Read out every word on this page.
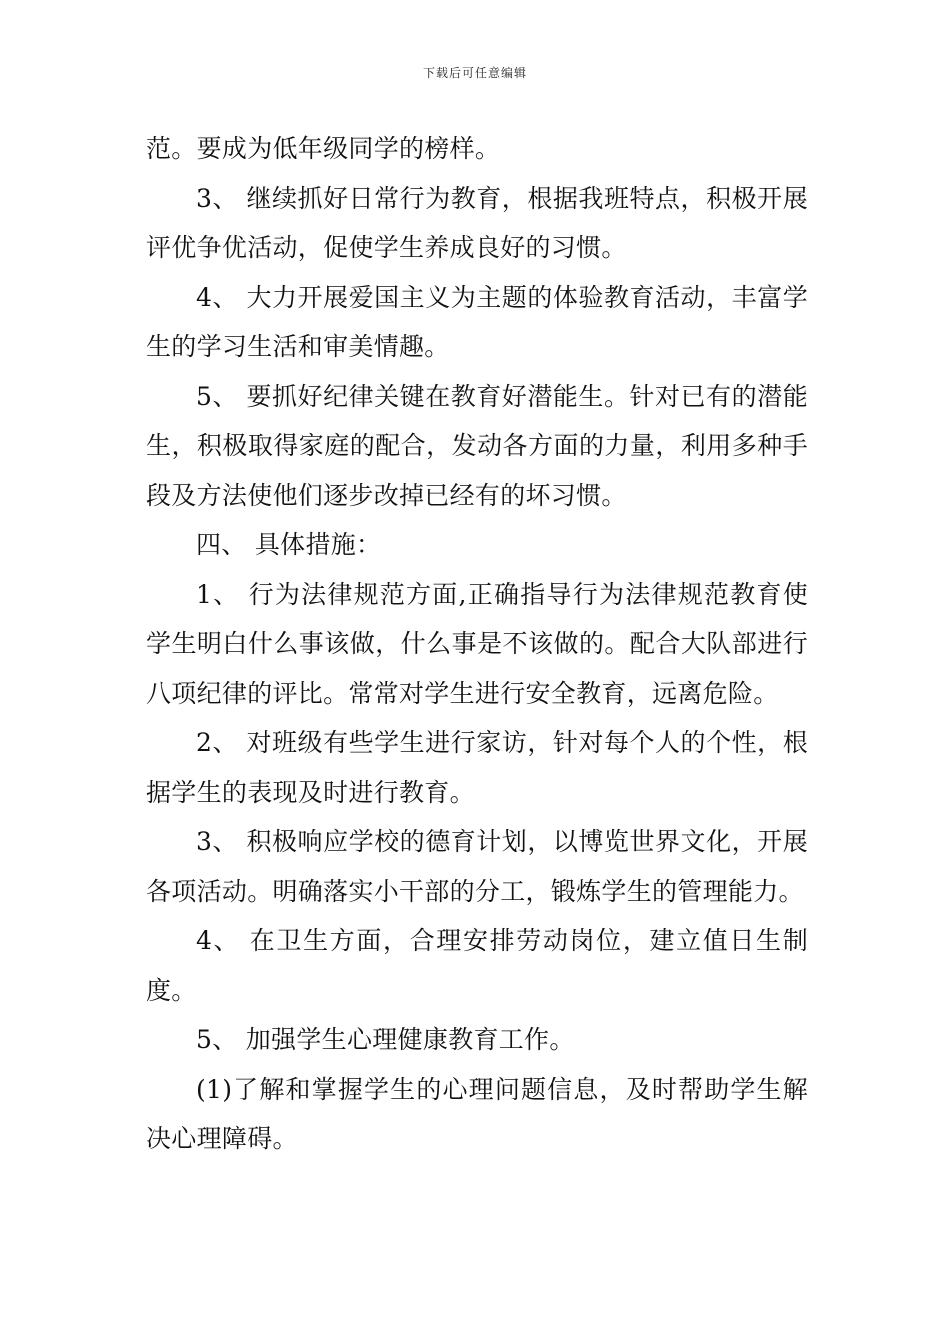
下载后可任意编辑

范。要成为低年级同学的榜样。

3、 继续抓好日常行为教育，根据我班特点，积极开展评优争优活动，促使学生养成良好的习惯。

4、 大力开展爱国主义为主题的体验教育活动，丰富学生的学习生活和审美情趣。

5、 要抓好纪律关键在教育好潜能生。针对已有的潜能生，积极取得家庭的配合，发动各方面的力量，利用多种手段及方法使他们逐步改掉已经有的坏习惯。

四、 具体措施：

1、 行为法律规范方面,正确指导行为法律规范教育使学生明白什么事该做，什么事是不该做的。配合大队部进行八项纪律的评比。常常对学生进行安全教育，远离危险。

2、 对班级有些学生进行家访，针对每个人的个性，根据学生的表现及时进行教育。

3、 积极响应学校的德育计划，以博览世界文化，开展各项活动。明确落实小干部的分工，锻炼学生的管理能力。

4、 在卫生方面，合理安排劳动岗位，建立值日生制度。

5、 加强学生心理健康教育工作。

(1)了解和掌握学生的心理问题信息，及时帮助学生解决心理障碍。
